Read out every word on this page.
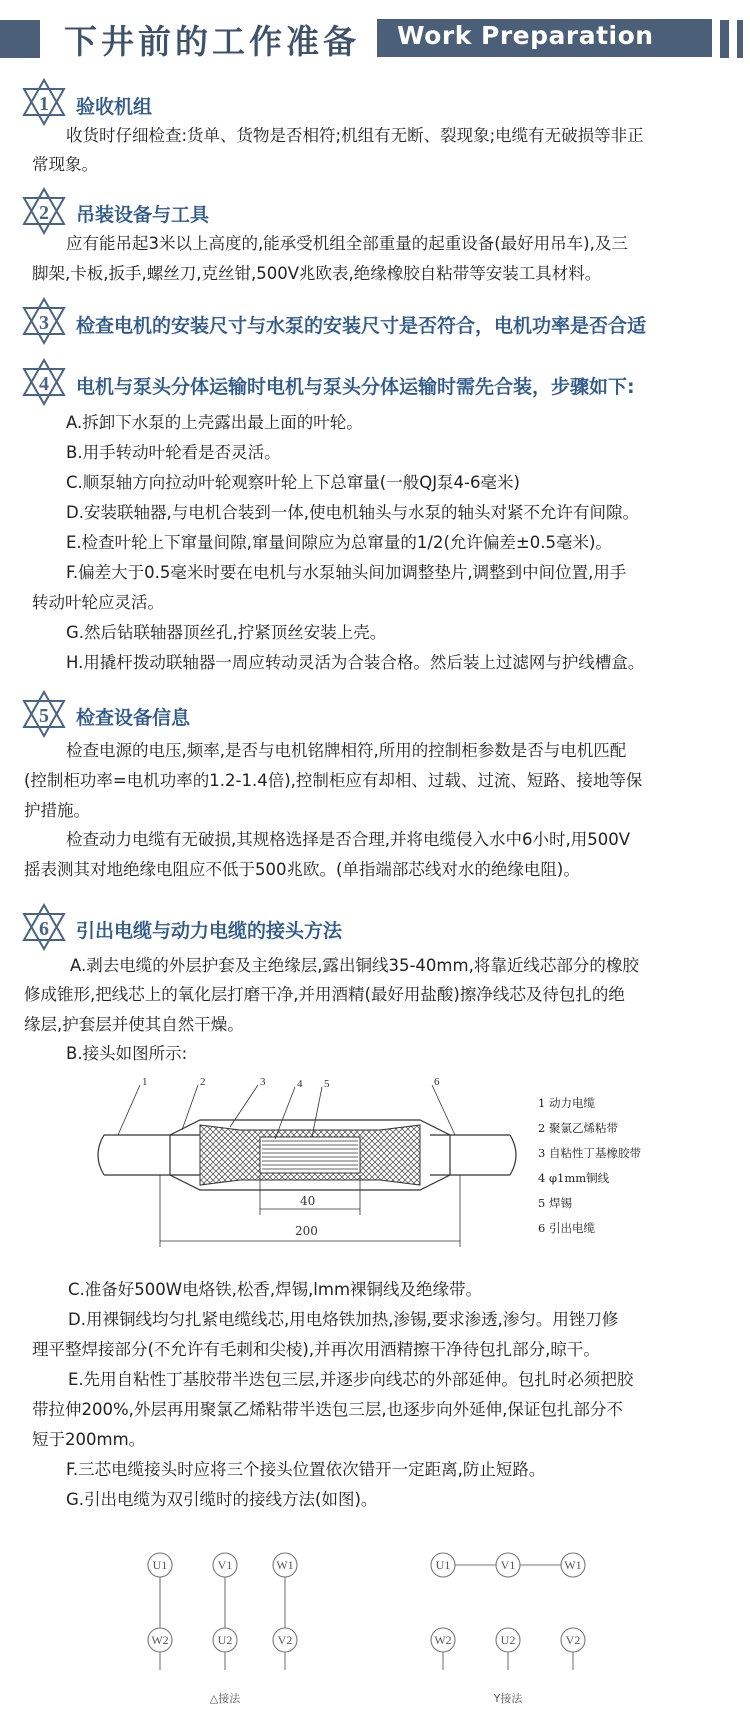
下井前的工作准备 Work Preparation
1 验收机组
收货时仔细检查:货单、货物是否相符;机组有无断、裂现象;电缆有无破损等非正
常现象。
2 吊装设备与工具
应有能吊起3米以上高度的,能承受机组全部重量的起重设备(最好用吊车),及三
脚架,卡板,扳手,螺丝刀,克丝钳,500V兆欧表,绝缘橡胶自粘带等安装工具材料。
3 检查电机的安装尺寸与水泵的安装尺寸是否符合，电机功率是否合适
4 电机与泵头分体运输时电机与泵头分体运输时需先合装，步骤如下:
A.拆卸下水泵的上壳露出最上面的叶轮。
B.用手转动叶轮看是否灵活。
C.顺泵轴方向拉动叶轮观察叶轮上下总窜量(一般QJ泵4-6毫米)
D.安装联轴器,与电机合装到一体,使电机轴头与水泵的轴头对紧不允许有间隙。
E.检查叶轮上下窜量间隙,窜量间隙应为总窜量的1/2(允许偏差±0.5毫米)。
F.偏差大于0.5毫米时要在电机与水泵轴头间加调整垫片,调整到中间位置,用手
转动叶轮应灵活。
G.然后钻联轴器顶丝孔,拧紧顶丝安装上壳。
H.用撬杆拨动联轴器一周应转动灵活为合装合格。然后装上过滤网与护线槽盒。
5 检查设备信息
检查电源的电压,频率,是否与电机铭牌相符,所用的控制柜参数是否与电机匹配
(控制柜功率=电机功率的1.2-1.4倍),控制柜应有却相、过载、过流、短路、接地等保
护措施。
检查动力电缆有无破损,其规格选择是否合理,并将电缆侵入水中6小时,用500V
摇表测其对地绝缘电阻应不低于500兆欧。(单指端部芯线对水的绝缘电阻)。
6 引出电缆与动力电缆的接头方法
A.剥去电缆的外层护套及主绝缘层,露出铜线35-40mm,将靠近线芯部分的橡胶
修成锥形,把线芯上的氧化层打磨干净,并用酒精(最好用盐酸)擦净线芯及待包扎的绝
缘层,护套层并使其自然干燥。
B.接头如图所示:
1	2	3	4 5	6
40
200
1 动力电缆
2 聚氯乙烯粘带
3 自粘性丁基橡胶带
4 φ1mm铜线
5 焊锡
6 引出电缆
C.准备好500W电烙铁,松香,焊锡,lmm裸铜线及绝缘带。
D.用裸铜线均匀扎紧电缆线芯,用电烙铁加热,渗锡,要求渗透,渗匀。用锉刀修
理平整焊接部分(不允许有毛刺和尖棱),并再次用酒精擦干净待包扎部分,晾干。
E.先用自粘性丁基胶带半迭包三层,并逐步向线芯的外部延伸。包扎时必须把胶
带拉伸200%,外层再用聚氯乙烯粘带半迭包三层,也逐步向外延伸,保证包扎部分不
短于200mm。
F.三芯电缆接头时应将三个接头位置依次错开一定距离,防止短路。
G.引出电缆为双引缆时的接线方法(如图)。
U1	V1	W1
W2	U2	V2
△接法
U1	V1	W1
W2	U2	V2
Y接法
